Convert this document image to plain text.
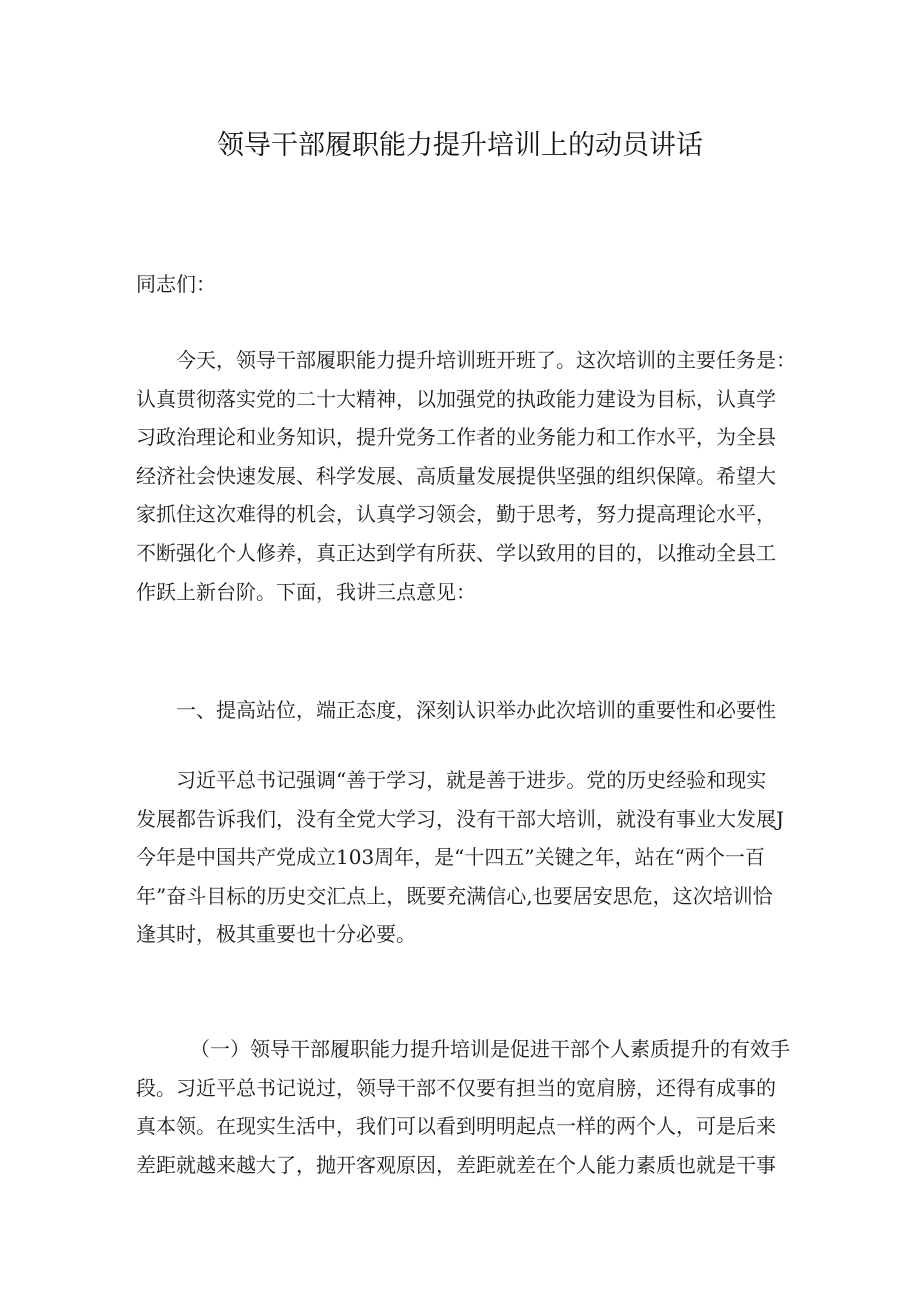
领导干部履职能力提升培训上的动员讲话

同志们：

今天，领导干部履职能力提升培训班开班了。这次培训的主要任务是：
认真贯彻落实党的二十大精神，以加强党的执政能力建设为目标，认真学
习政治理论和业务知识，提升党务工作者的业务能力和工作水平，为全县
经济社会快速发展、科学发展、高质量发展提供坚强的组织保障。希望大
家抓住这次难得的机会，认真学习领会，勤于思考，努力提高理论水平，
不断强化个人修养，真正达到学有所获、学以致用的目的，以推动全县工
作跃上新台阶。下面，我讲三点意见：
一、提高站位，端正态度，深刻认识举办此次培训的重要性和必要性
习近平总书记强调“善于学习，就是善于进步。党的历史经验和现实
发展都告诉我们，没有全党大学习，没有干部大培训，就没有事业大发展J
今年是中国共产党成立103周年，是“十四五”关键之年，站在“两个一百
年”奋斗目标的历史交汇点上，既要充满信心,也要居安思危，这次培训恰
逢其时，极其重要也十分必要。
（一）领导干部履职能力提升培训是促进干部个人素质提升的有效手
段。习近平总书记说过，领导干部不仅要有担当的宽肩膀，还得有成事的
真本领。在现实生活中，我们可以看到明明起点一样的两个人，可是后来
差距就越来越大了，抛开客观原因，差距就差在个人能力素质也就是干事
